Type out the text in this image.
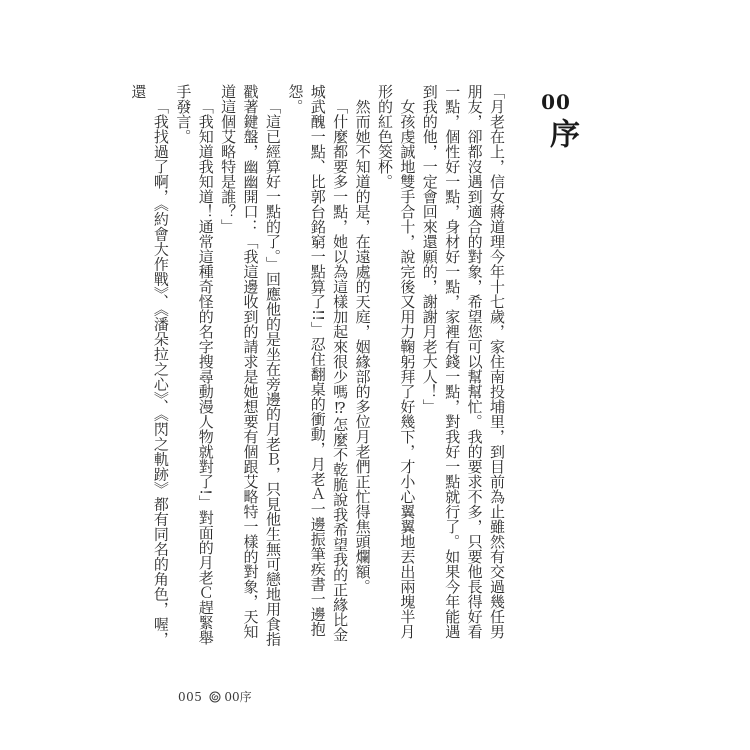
00
序

「月老在上，信女蔣道理今年十七歲，家住南投埔里，到目前為止雖然有交過幾任男朋友，卻都沒遇到適合的對象，希望您可以幫幫忙。我的要求不多，只要他長得好看一點，個性好一點，身材好一點，家裡有錢一點，對我好一點就行了。如果今年能遇到我的他，一定會回來還願的，謝謝月老大人！」

女孩虔誠地雙手合十，說完後又用力鞠躬拜了好幾下，才小心翼翼地丟出兩塊半月形的紅色筊杯。

然而她不知道的是，在遠處的天庭，姻緣部的多位月老們正忙得焦頭爛額。

「什麼都要多一點，她以為這樣加起來很少嗎⁉怎麼不乾脆說我希望我的正緣比金城武醜一點、比郭台銘窮一點算了!!」忍住翻桌的衝動，月老Ａ一邊振筆疾書一邊抱怨。

「這已經算好一點的了。」回應他的是坐在旁邊的月老Ｂ，只見他生無可戀地用食指戳著鍵盤，幽幽開口：「我這邊收到的請求是她想要有個跟艾略特一樣的對象，天知道這個艾略特是誰？」

「我知道我知道！通常這種奇怪的名字搜尋動漫人物就對了!」對面的月老Ｃ趕緊舉手發言。

「我找過了啊，《約會大作戰》、《潘朵拉之心》、《閃之軌跡》都有同名的角色，喔，還

005 00序
